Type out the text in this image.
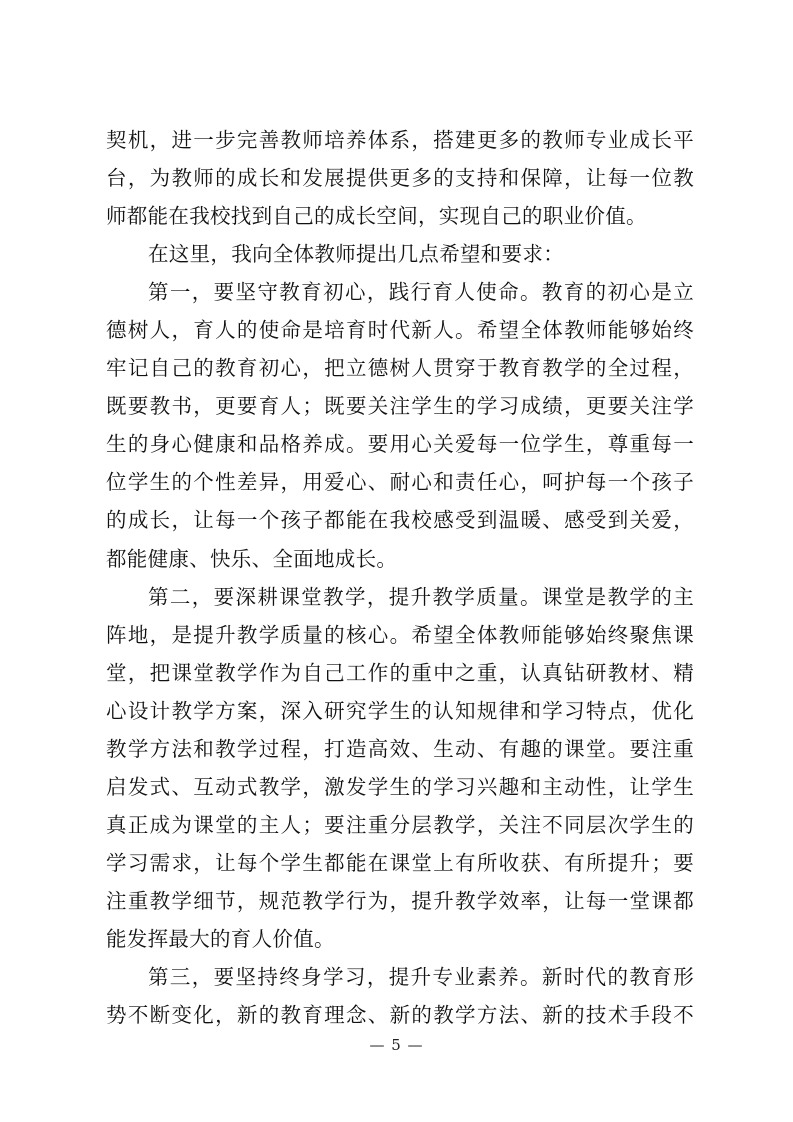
契机，进一步完善教师培养体系，搭建更多的教师专业成长平
台，为教师的成长和发展提供更多的支持和保障，让每一位教
师都能在我校找到自己的成长空间，实现自己的职业价值。
在这里，我向全体教师提出几点希望和要求：
第一，要坚守教育初心，践行育人使命。教育的初心是立
德树人，育人的使命是培育时代新人。希望全体教师能够始终
牢记自己的教育初心，把立德树人贯穿于教育教学的全过程，
既要教书，更要育人；既要关注学生的学习成绩，更要关注学
生的身心健康和品格养成。要用心关爱每一位学生，尊重每一
位学生的个性差异，用爱心、耐心和责任心，呵护每一个孩子
的成长，让每一个孩子都能在我校感受到温暖、感受到关爱，
都能健康、快乐、全面地成长。
第二，要深耕课堂教学，提升教学质量。课堂是教学的主
阵地，是提升教学质量的核心。希望全体教师能够始终聚焦课
堂，把课堂教学作为自己工作的重中之重，认真钻研教材、精
心设计教学方案，深入研究学生的认知规律和学习特点，优化
教学方法和教学过程，打造高效、生动、有趣的课堂。要注重
启发式、互动式教学，激发学生的学习兴趣和主动性，让学生
真正成为课堂的主人；要注重分层教学，关注不同层次学生的
学习需求，让每个学生都能在课堂上有所收获、有所提升；要
注重教学细节，规范教学行为，提升教学效率，让每一堂课都
能发挥最大的育人价值。
第三，要坚持终身学习，提升专业素养。新时代的教育形
势不断变化，新的教育理念、新的教学方法、新的技术手段不
— 5 —
